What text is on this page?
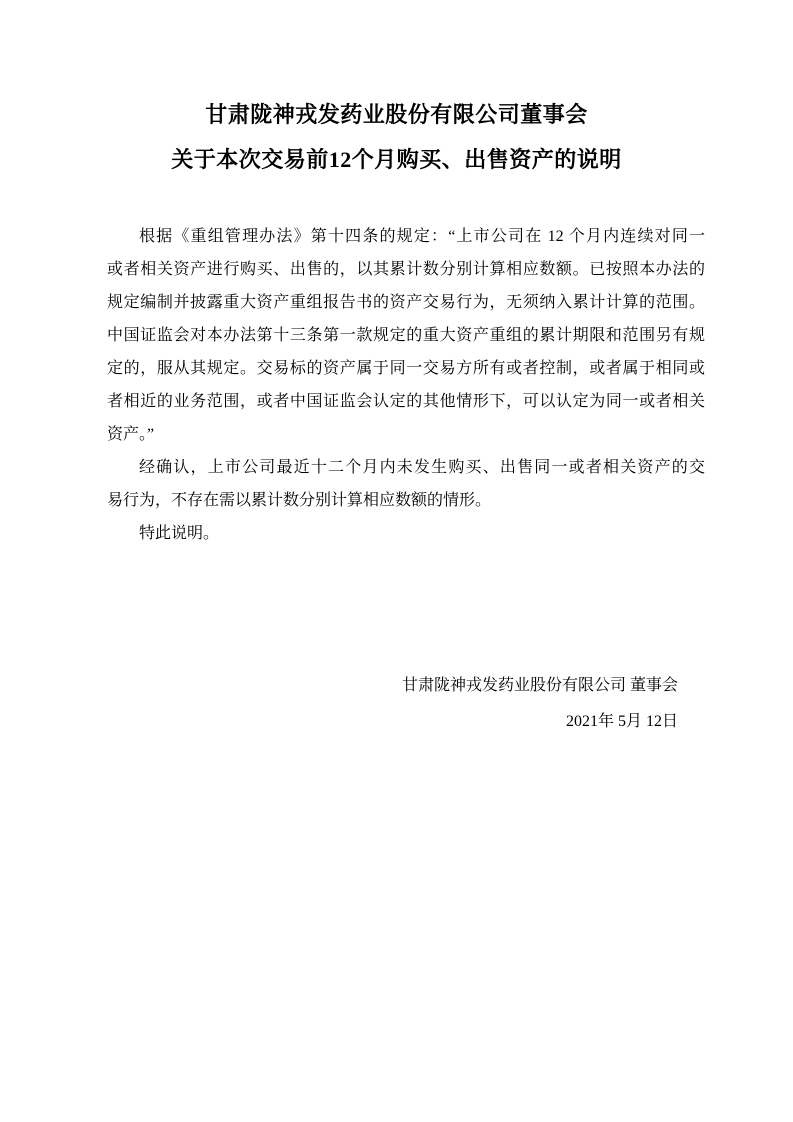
甘肃陇神戎发药业股份有限公司董事会
关于本次交易前12个月购买、出售资产的说明
根据《重组管理办法》第十四条的规定：“上市公司在 12 个月内连续对同一
或者相关资产进行购买、出售的，以其累计数分别计算相应数额。已按照本办法的
规定编制并披露重大资产重组报告书的资产交易行为，无须纳入累计计算的范围。
中国证监会对本办法第十三条第一款规定的重大资产重组的累计期限和范围另有规
定的，服从其规定。交易标的资产属于同一交易方所有或者控制，或者属于相同或
者相近的业务范围，或者中国证监会认定的其他情形下，可以认定为同一或者相关
资产。”
经确认，上市公司最近十二个月内未发生购买、出售同一或者相关资产的交
易行为，不存在需以累计数分别计算相应数额的情形。
特此说明。
甘肃陇神戎发药业股份有限公司 董事会
2021年 5月 12日
